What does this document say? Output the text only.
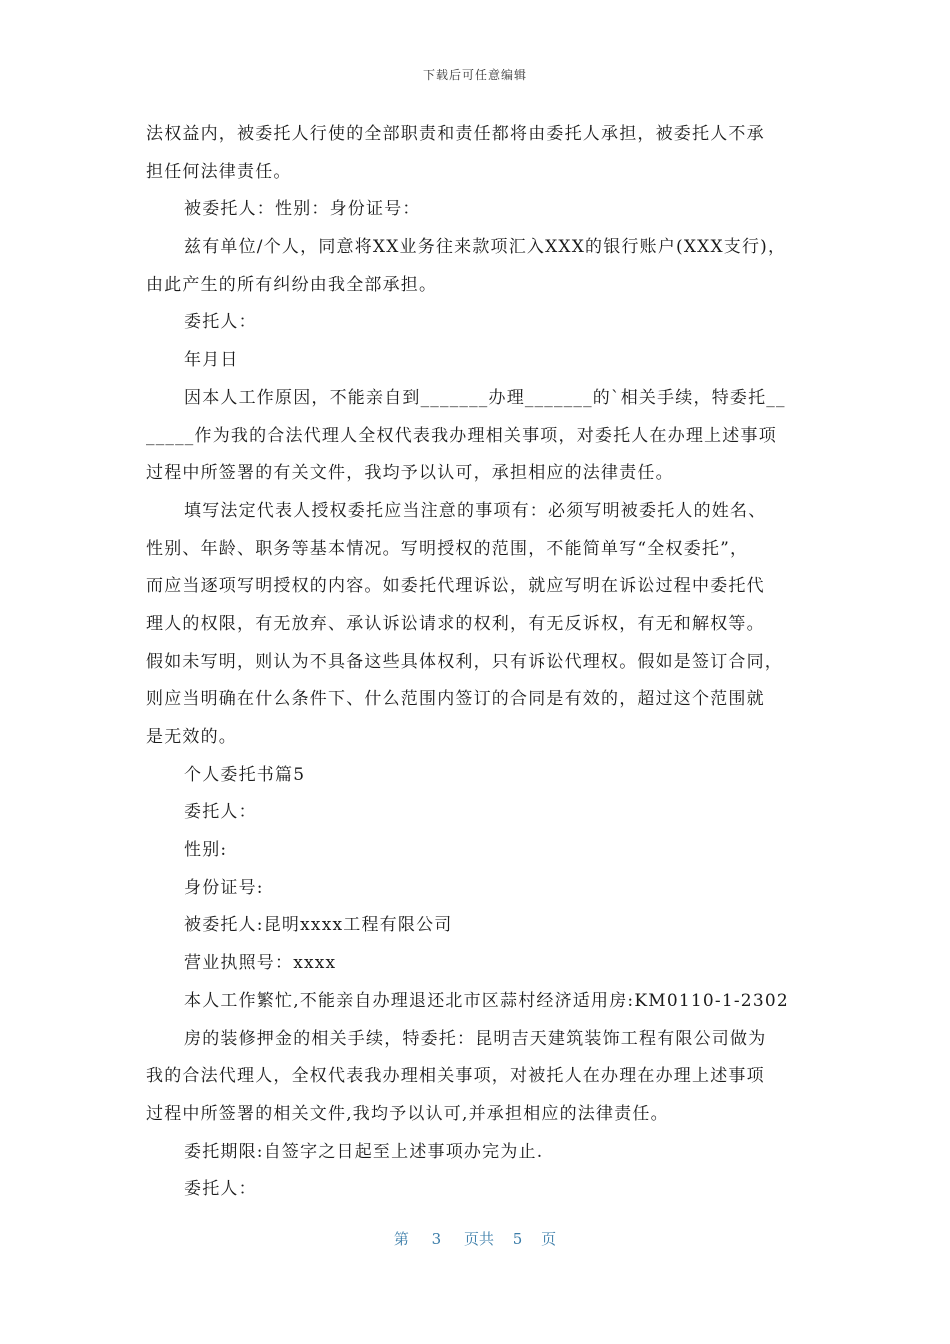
下载后可任意编辑
法权益内，被委托人行使的全部职责和责任都将由委托人承担，被委托人不承
担任何法律责任。
被委托人：性别：身份证号：
兹有单位/个人，同意将XX业务往来款项汇入XXX的银行账户(XXX支行)，
由此产生的所有纠纷由我全部承担。
委托人：
年月日
因本人工作原因，不能亲自到_______办理_______的`相关手续，特委托__
_____作为我的合法代理人全权代表我办理相关事项，对委托人在办理上述事项
过程中所签署的有关文件，我均予以认可，承担相应的法律责任。
填写法定代表人授权委托应当注意的事项有：必须写明被委托人的姓名、
性别、年龄、职务等基本情况。写明授权的范围，不能简单写“全权委托”，
而应当逐项写明授权的内容。如委托代理诉讼，就应写明在诉讼过程中委托代
理人的权限，有无放弃、承认诉讼请求的权利，有无反诉权，有无和解权等。
假如未写明，则认为不具备这些具体权利，只有诉讼代理权。假如是签订合同，
则应当明确在什么条件下、什么范围内签订的合同是有效的，超过这个范围就
是无效的。
个人委托书篇5
委托人：
性别:
身份证号:
被委托人:昆明xxxx工程有限公司
营业执照号：xxxx
本人工作繁忙,不能亲自办理退还北市区蒜村经济适用房:KM0110-1-2302
房的装修押金的相关手续，特委托：昆明吉天建筑装饰工程有限公司做为
我的合法代理人，全权代表我办理相关事项，对被托人在办理在办理上述事项
过程中所签署的相关文件,我均予以认可,并承担相应的法律责任。
委托期限:自签字之日起至上述事项办完为止.
委托人：
第 3 页共 5 页
